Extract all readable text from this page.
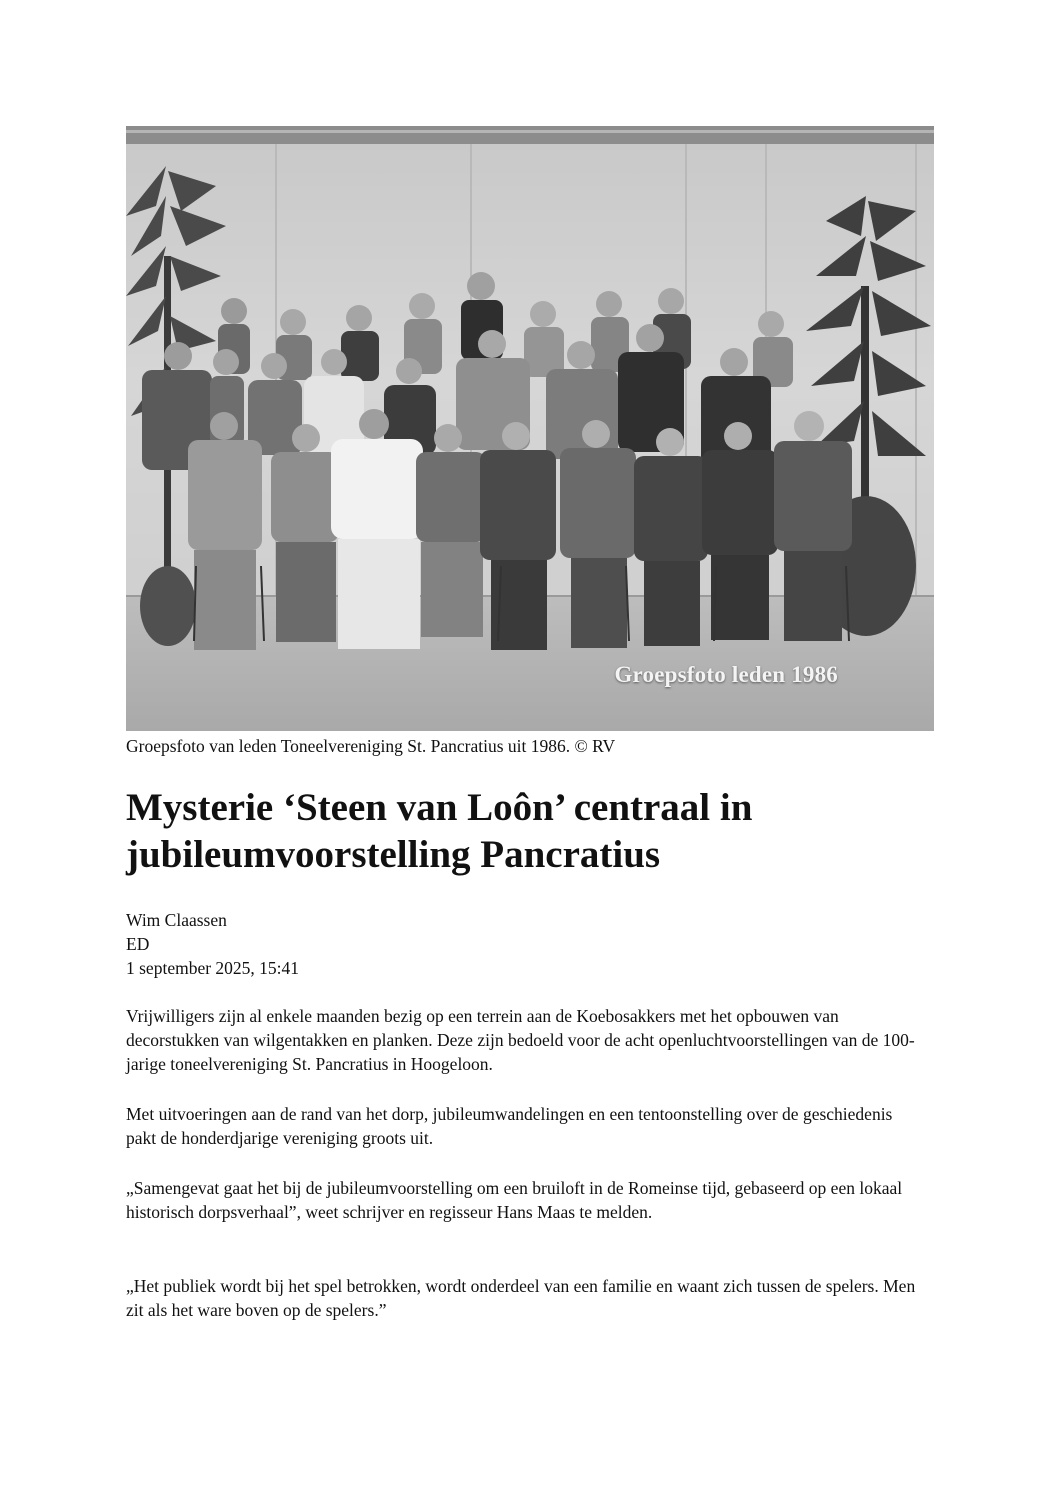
Groepsfoto leden 1986
Groepsfoto van leden Toneelvereniging St. Pancratius uit 1986. © RV
Mysterie ‘Steen van Loôn’ centraal in jubileumvoorstelling Pancratius
Wim Claassen
ED
1 september 2025, 15:41

Vrijwilligers zijn al enkele maanden bezig op een terrein aan de Koebosakkers met het opbouwen van decorstukken van wilgentakken en planken. Deze zijn bedoeld voor de acht openluchtvoorstellingen van de 100-jarige toneelvereniging St. Pancratius in Hoogeloon.

Met uitvoeringen aan de rand van het dorp, jubileumwandelingen en een tentoonstelling over de geschiedenis pakt de honderdjarige vereniging groots uit.

„Samengevat gaat het bij de jubileumvoorstelling om een bruiloft in de Romeinse tijd, gebaseerd op een lokaal historisch dorpsverhaal”, weet schrijver en regisseur Hans Maas te melden.

„Het publiek wordt bij het spel betrokken, wordt onderdeel van een familie en waant zich tussen de spelers. Men zit als het ware boven op de spelers.”
